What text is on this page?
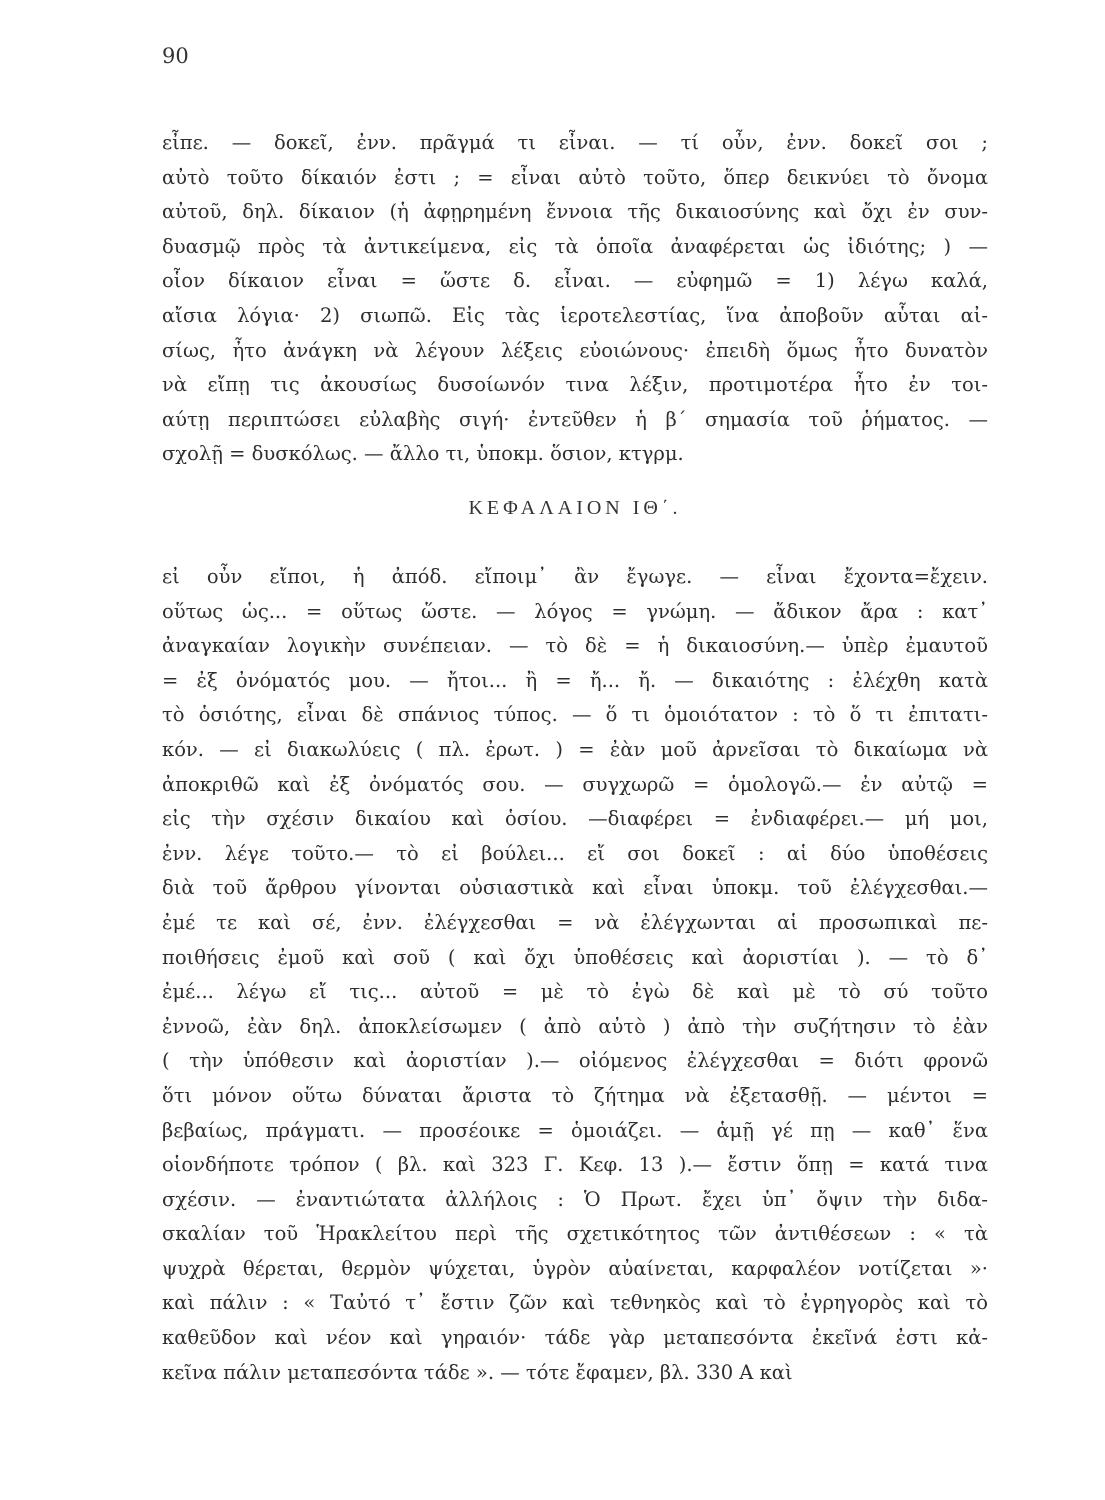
90
εἶπε. — δοκεῖ, ἐνν. πρᾶγμά τι εἶναι. — τί οὖν, ἐνν. δοκεῖ σοι ;
αὐτὸ τοῦτο δίκαιόν ἐστι ; = εἶναι αὐτὸ τοῦτο, ὅπερ δεικνύει τὸ ὄνομα
αὐτοῦ, δηλ. δίκαιον (ἡ ἀφῃρημένη ἔννοια τῆς δικαιοσύνης καὶ ὄχι ἐν συν-
δυασμῷ πρὸς τὰ ἀντικείμενα, εἰς τὰ ὁποῖα ἀναφέρεται ὡς ἰδιότης; ) —
οἷον δίκαιον εἶναι = ὥστε δ. εἶναι. — εὐφημῶ = 1) λέγω καλά,
αἴσια λόγια· 2) σιωπῶ. Εἰς τὰς ἱεροτελεστίας, ἵνα ἀποβοῦν αὗται αἰ-
σίως, ἦτο ἀνάγκη νὰ λέγουν λέξεις εὐοιώνους· ἐπειδὴ ὅμως ἦτο δυνατὸν
νὰ εἴπῃ τις ἀκουσίως δυσοίωνόν τινα λέξιν, προτιμοτέρα ἦτο ἐν τοι-
αύτῃ περιπτώσει εὐλαβὴς σιγή· ἐντεῦθεν ἡ β΄ σημασία τοῦ ῥήματος. —
σχολῇ = δυσκόλως. — ἄλλο τι, ὑποκμ. ὅσιον, κτγρμ.
ΚΕΦΑΛΑΙΟΝ ΙΘ΄.
εἰ οὖν εἴποι, ἡ ἀπόδ. εἴποιμ᾽ ἂν ἔγωγε. — εἶναι ἔχοντα=ἔχειν.
οὕτως ὡς... = οὕτως ὥστε. — λόγος = γνώμη. — ἄδικον ἄρα : κατ᾽
ἀναγκαίαν λογικὴν συνέπειαν. — τὸ δὲ = ἡ δικαιοσύνη.— ὑπὲρ ἐμαυτοῦ
= ἐξ ὀνόματός μου. — ἤτοι... ἢ = ἤ... ἤ. — δικαιότης : ἐλέχθη κατὰ
τὸ ὁσιότης, εἶναι δὲ σπάνιος τύπος. — ὅ τι ὁμοιότατον : τὸ ὅ τι ἐπιτατι-
κόν. — εἰ διακωλύεις ( πλ. ἐρωτ. ) = ἐὰν μοῦ ἀρνεῖσαι τὸ δικαίωμα νὰ
ἀποκριθῶ καὶ ἐξ ὀνόματός σου. — συγχωρῶ = ὁμολογῶ.— ἐν αὐτῷ =
εἰς τὴν σχέσιν δικαίου καὶ ὁσίου. —διαφέρει = ἐνδιαφέρει.— μή μοι,
ἐνν. λέγε τοῦτο.— τὸ εἰ βούλει... εἴ σοι δοκεῖ : αἱ δύο ὑποθέσεις
διὰ τοῦ ἄρθρου γίνονται οὐσιαστικὰ καὶ εἶναι ὑποκμ. τοῦ ἐλέγχεσθαι.—
ἐμέ τε καὶ σέ, ἐνν. ἐλέγχεσθαι = νὰ ἐλέγχωνται αἱ προσωπικαὶ πε-
ποιθήσεις ἐμοῦ καὶ σοῦ ( καὶ ὄχι ὑποθέσεις καὶ ἀοριστίαι ). — τὸ δ᾽
ἐμέ... λέγω εἴ τις... αὐτοῦ = μὲ τὸ ἐγὼ δὲ καὶ μὲ τὸ σύ τοῦτο
ἐννοῶ, ἐὰν δηλ. ἀποκλείσωμεν ( ἀπὸ αὐτὸ ) ἀπὸ τὴν συζήτησιν τὸ ἐὰν
( τὴν ὑπόθεσιν καὶ ἀοριστίαν ).— οἰόμενος ἐλέγχεσθαι = διότι φρονῶ
ὅτι μόνον οὕτω δύναται ἄριστα τὸ ζήτημα νὰ ἐξετασθῇ. — μέντοι =
βεβαίως, πράγματι. — προσέοικε = ὁμοιάζει. — ἁμῇ γέ πῃ — καθ᾽ ἕνα
οἱονδήποτε τρόπον ( βλ. καὶ 323 Γ. Κεφ. 13 ).— ἔστιν ὅπῃ = κατά τινα
σχέσιν. — ἐναντιώτατα ἀλλήλοις : Ὁ Πρωτ. ἔχει ὑπ᾽ ὄψιν τὴν διδα-
σκαλίαν τοῦ Ἡρακλείτου περὶ τῆς σχετικότητος τῶν ἀντιθέσεων : « τὰ
ψυχρὰ θέρεται, θερμὸν ψύχεται, ὑγρὸν αὐαίνεται, καρφαλέον νοτίζεται »·
καὶ πάλιν : « Ταὐτό τ᾽ ἔστιν ζῶν καὶ τεθνηκὸς καὶ τὸ ἐγρηγορὸς καὶ τὸ
καθεῦδον καὶ νέον καὶ γηραιόν· τάδε γὰρ μεταπεσόντα ἐκεῖνά ἐστι κἀ-
κεῖνα πάλιν μεταπεσόντα τάδε ». — τότε ἔφαμεν, βλ. 330 Α καὶ
